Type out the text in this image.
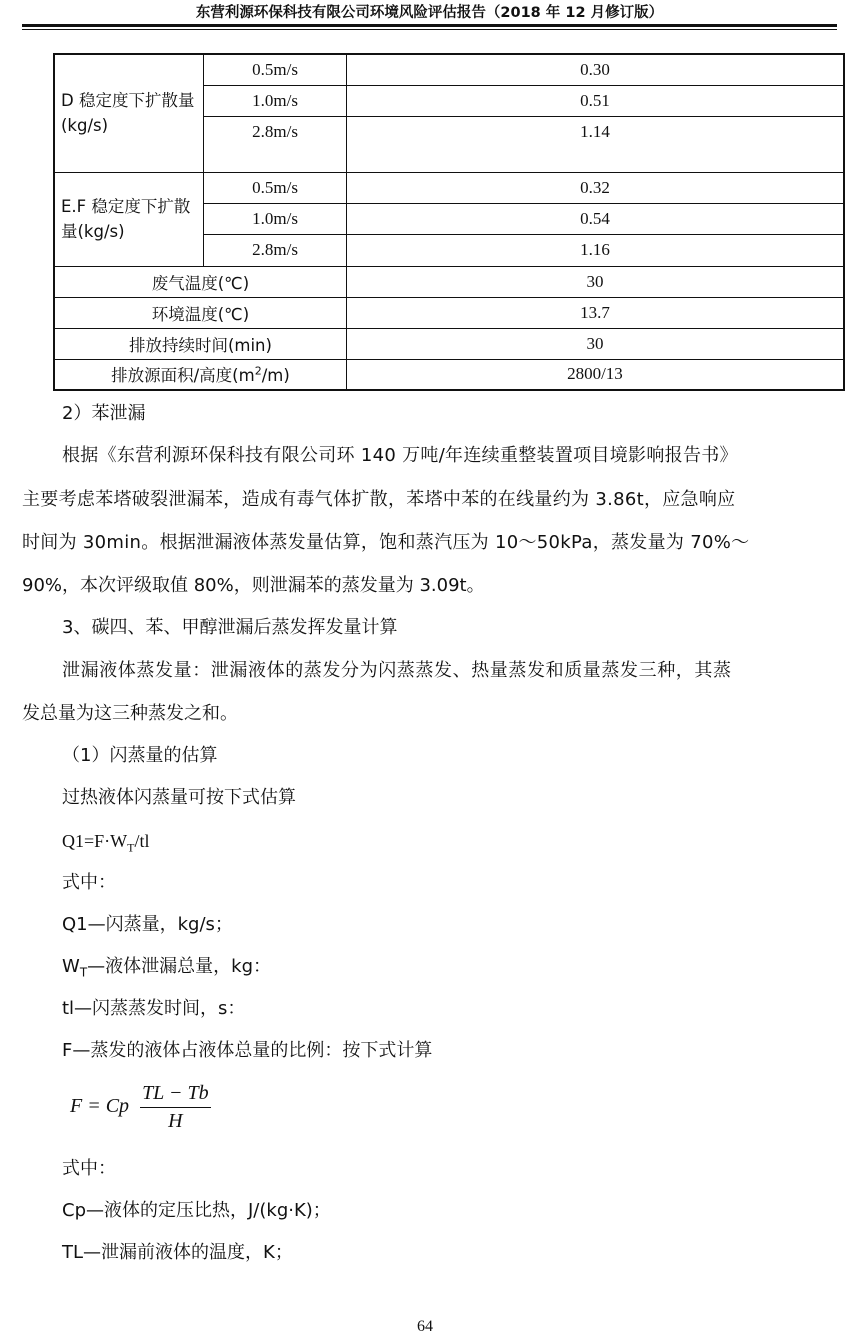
东营利源环保科技有限公司环境风险评估报告（2018 年 12 月修订版）
D 稳定度下扩散量(kg/s)	0.5m/s	0.30
	1.0m/s	0.51
	2.8m/s	1.14

E.F 稳定度下扩散量(kg/s)	0.5m/s	0.32
	1.0m/s	0.54
	2.8m/s	1.16
废气温度(℃)		30
环境温度(℃)		13.7
排放持续时间(min)		30
排放源面积/高度$(m^2/m)$		2800/13
2）苯泄漏
根据《东营利源环保科技有限公司环 140 万吨/年连续重整装置项目境影响报告书》
主要考虑苯塔破裂泄漏苯，造成有毒气体扩散，苯塔中苯的在线量约为 3.86t，应急响应
时间为 30min。根据泄漏液体蒸发量估算，饱和蒸汽压为 10～50kPa，蒸发量为 70%～
90%，本次评级取值 80%，则泄漏苯的蒸发量为 3.09t。
3、碳四、苯、甲醇泄漏后蒸发挥发量计算
泄漏液体蒸发量：泄漏液体的蒸发分为闪蒸蒸发、热量蒸发和质量蒸发三种，其蒸
发总量为这三种蒸发之和。
（1）闪蒸量的估算
过热液体闪蒸量可按下式估算
$Q1=F\cdot W_T/tl$
式中：
Q1—闪蒸量，kg/s；
$W_T—$液体泄漏总量，kg：
tl—闪蒸蒸发时间，s：
F—蒸发的液体占液体总量的比例：按下式计算
F = Cp $\frac{TL - Tb}{H}$
式中：
Cp—液体的定压比热，J/(kg·K)；
TL—泄漏前液体的温度，K；
64
